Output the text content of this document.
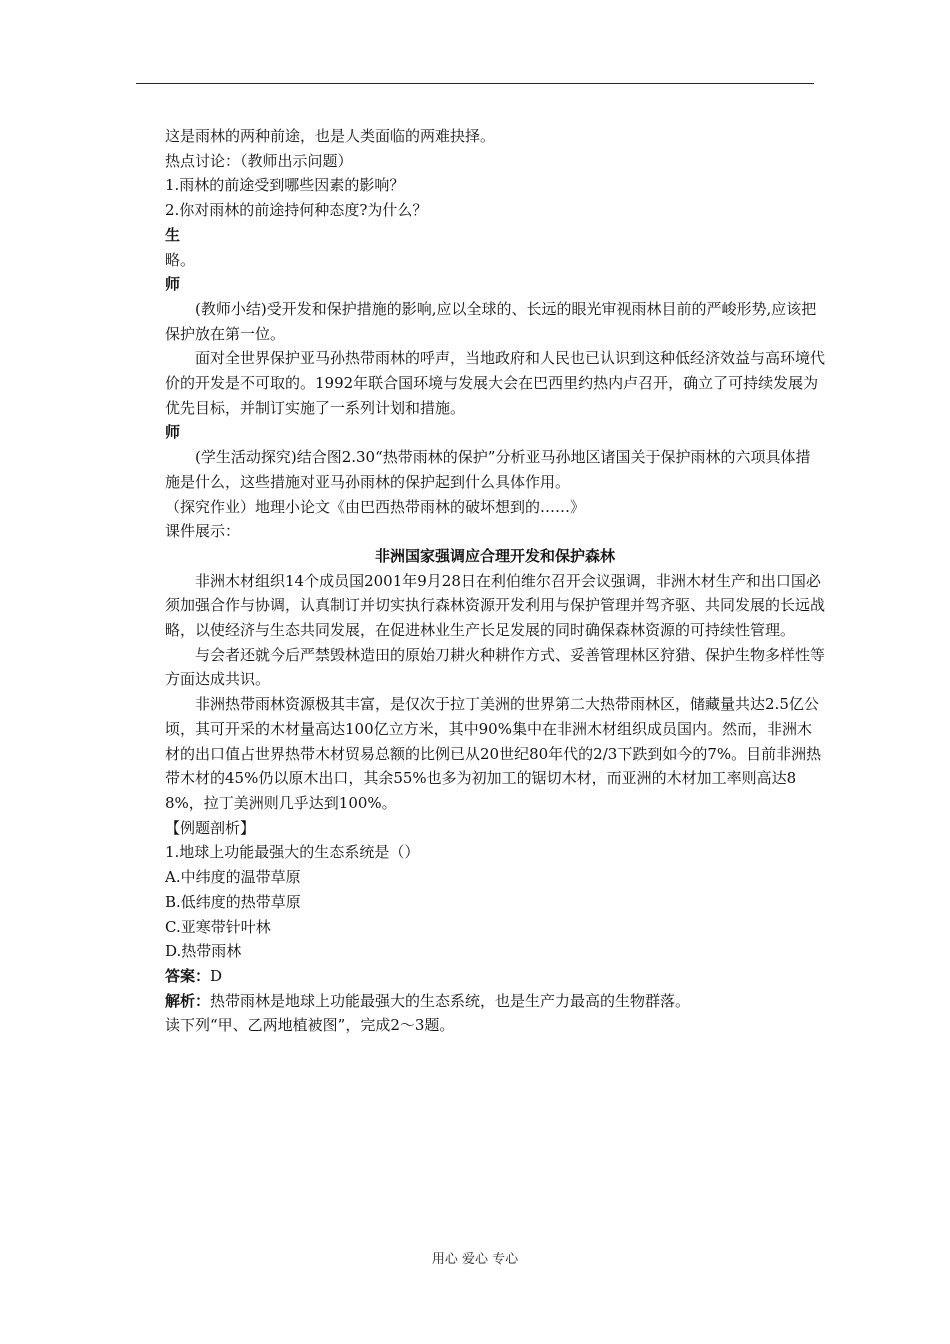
这是雨林的两种前途，也是人类面临的两难抉择。

热点讨论：（教师出示问题）

1.雨林的前途受到哪些因素的影响？

2.你对雨林的前途持何种态度?为什么？

生

略。

师

(教师小结)受开发和保护措施的影响,应以全球的、长远的眼光审视雨林目前的严峻形势,应该把保护放在第一位。

面对全世界保护亚马孙热带雨林的呼声，当地政府和人民也已认识到这种低经济效益与高环境代价的开发是不可取的。1992年联合国环境与发展大会在巴西里约热内卢召开，确立了可持续发展为优先目标，并制订实施了一系列计划和措施。

师

(学生活动探究)结合图2.30“热带雨林的保护”分析亚马孙地区诸国关于保护雨林的六项具体措施是什么，这些措施对亚马孙雨林的保护起到什么具体作用。

（探究作业）地理小论文《由巴西热带雨林的破坏想到的……》

课件展示：

非洲国家强调应合理开发和保护森林

非洲木材组织14个成员国2001年9月28日在利伯维尔召开会议强调，非洲木材生产和出口国必须加强合作与协调，认真制订并切实执行森林资源开发利用与保护管理并驾齐驱、共同发展的长远战略，以使经济与生态共同发展，在促进林业生产长足发展的同时确保森林资源的可持续性管理。

与会者还就今后严禁毁林造田的原始刀耕火种耕作方式、妥善管理林区狩猎、保护生物多样性等方面达成共识。

非洲热带雨林资源极其丰富，是仅次于拉丁美洲的世界第二大热带雨林区，储藏量共达2.5亿公顷，其可开采的木材量高达100亿立方米，其中90%集中在非洲木材组织成员国内。然而，非洲木材的出口值占世界热带木材贸易总额的比例已从20世纪80年代的2/3下跌到如今的7%。目前非洲热带木材的45%仍以原木出口，其余55%也多为初加工的锯切木材，而亚洲的木材加工率则高达88%，拉丁美洲则几乎达到100%。

【例题剖析】

1.地球上功能最强大的生态系统是（）

A.中纬度的温带草原

B.低纬度的热带草原

C.亚寒带针叶林

D.热带雨林

答案：D

解析：热带雨林是地球上功能最强大的生态系统，也是生产力最高的生物群落。

读下列“甲、乙两地植被图”，完成2～3题。

用心 爱心 专心
